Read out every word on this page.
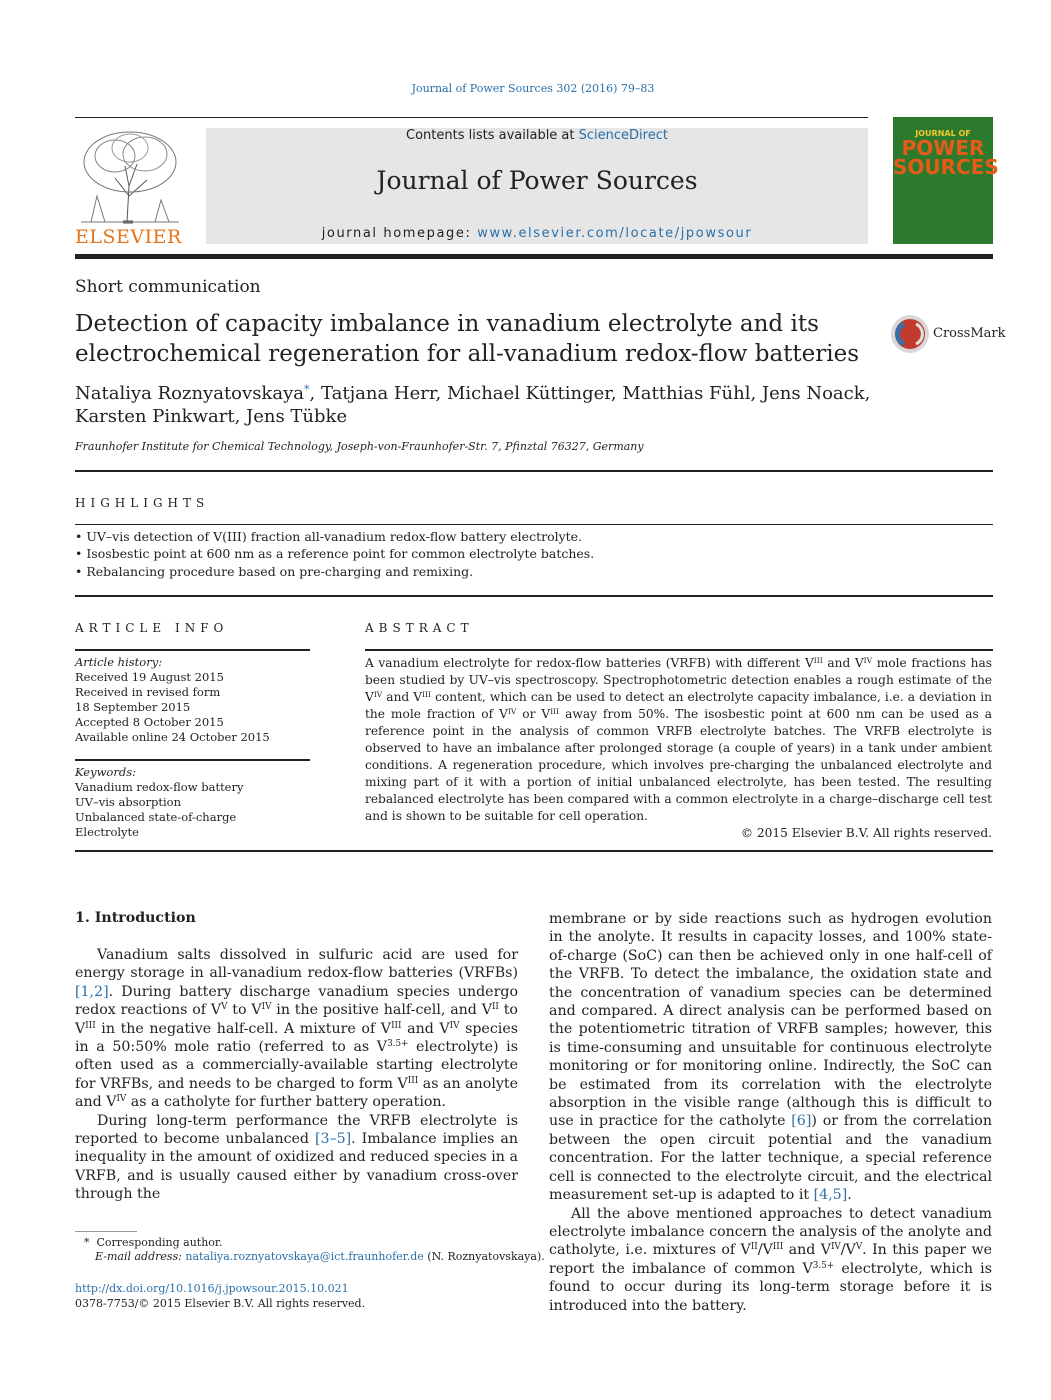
Journal of Power Sources 302 (2016) 79–83
ELSEVIER
Contents lists available at ScienceDirect
Journal of Power Sources
journal homepage: www.elsevier.com/locate/jpowsour
JOURNAL OF
POWER
SOURCES
Short communication
Detection of capacity imbalance in vanadium electrolyte and its electrochemical regeneration for all-vanadium redox-flow batteries
CrossMark
Nataliya Roznyatovskaya*, Tatjana Herr, Michael Küttinger, Matthias Fühl, Jens Noack, Karsten Pinkwart, Jens Tübke
Fraunhofer Institute for Chemical Technology, Joseph-von-Fraunhofer-Str. 7, Pfinztal 76327, Germany
HIGHLIGHTS
• UV–vis detection of V(III) fraction all-vanadium redox-flow battery electrolyte.
• Isosbestic point at 600 nm as a reference point for common electrolyte batches.
• Rebalancing procedure based on pre-charging and remixing.
ARTICLE INFO
Article history:
Received 19 August 2015
Received in revised form
18 September 2015
Accepted 8 October 2015
Available online 24 October 2015
Keywords:
Vanadium redox-flow battery
UV–vis absorption
Unbalanced state-of-charge
Electrolyte
ABSTRACT
A vanadium electrolyte for redox-flow batteries (VRFB) with different $V^{III}$ and $V^{IV}$ mole fractions has been studied by UV–vis spectroscopy. Spectrophotometric detection enables a rough estimate of the $V^{IV}$ and $V^{III}$ content, which can be used to detect an electrolyte capacity imbalance, i.e. a deviation in the mole fraction of $V^{IV}$ or $V^{III}$ away from 50%. The isosbestic point at 600 nm can be used as a reference point in the analysis of common VRFB electrolyte batches. The VRFB electrolyte is observed to have an imbalance after prolonged storage (a couple of years) in a tank under ambient conditions. A regeneration procedure, which involves pre-charging the unbalanced electrolyte and mixing part of it with a portion of initial unbalanced electrolyte, has been tested. The resulting rebalanced electrolyte has been compared with a common electrolyte in a charge–discharge cell test and is shown to be suitable for cell operation.
© 2015 Elsevier B.V. All rights reserved.
1. Introduction

Vanadium salts dissolved in sulfuric acid are used for energy storage in all-vanadium redox-flow batteries (VRFBs) [1,2]. During battery discharge vanadium species undergo redox reactions of $V^V$ to $V^{IV}$ in the positive half-cell, and $V^{II}$ to $V^{III}$ in the negative half-cell. A mixture of $V^{III}$ and $V^{IV}$ species in a 50:50% mole ratio (referred to as $V^{3.5+}$ electrolyte) is often used as a commercially-available starting electrolyte for VRFBs, and needs to be charged to form $V^{III}$ as an anolyte and $V^{IV}$ as a catholyte for further battery operation.

During long-term performance the VRFB electrolyte is reported to become unbalanced [3–5]. Imbalance implies an inequality in the amount of oxidized and reduced species in a VRFB, and is usually caused either by vanadium cross-over through the

membrane or by side reactions such as hydrogen evolution in the anolyte. It results in capacity losses, and 100% state-of-charge (SoC) can then be achieved only in one half-cell of the VRFB. To detect the imbalance, the oxidation state and the concentration of vanadium species can be determined and compared. A direct analysis can be performed based on the potentiometric titration of VRFB samples; however, this is time-consuming and unsuitable for continuous electrolyte monitoring or for monitoring online. Indirectly, the SoC can be estimated from its correlation with the electrolyte absorption in the visible range (although this is difficult to use in practice for the catholyte [6]) or from the correlation between the open circuit potential and the vanadium concentration. For the latter technique, a special reference cell is connected to the electrolyte circuit, and the electrical measurement set-up is adapted to it [4,5].

All the above mentioned approaches to detect vanadium electrolyte imbalance concern the analysis of the anolyte and catholyte, i.e. mixtures of $V^{II}/V^{III}$ and $V^{IV}/V^V$. In this paper we report the imbalance of common $V^{3.5+}$ electrolyte, which is found to occur during its long-term storage before it is introduced into the battery.

* Corresponding author.
E-mail address: nataliya.roznyatovskaya@ict.fraunhofer.de (N. Roznyatovskaya).
http://dx.doi.org/10.1016/j.jpowsour.2015.10.021
0378-7753/© 2015 Elsevier B.V. All rights reserved.
